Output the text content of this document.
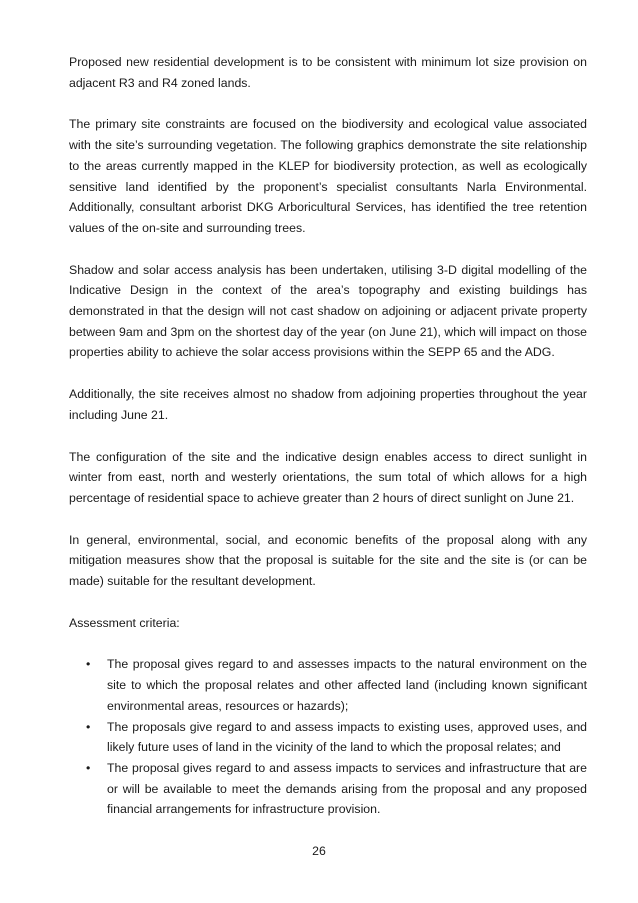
Proposed new residential development is to be consistent with minimum lot size provision on adjacent R3 and R4 zoned lands.

The primary site constraints are focused on the biodiversity and ecological value associated with the site’s surrounding vegetation. The following graphics demonstrate the site relationship to the areas currently mapped in the KLEP for biodiversity protection, as well as ecologically sensitive land identified by the proponent’s specialist consultants Narla Environmental. Additionally, consultant arborist DKG Arboricultural Services, has identified the tree retention values of the on-site and surrounding trees.

Shadow and solar access analysis has been undertaken, utilising 3-D digital modelling of the Indicative Design in the context of the area’s topography and existing buildings has demonstrated in that the design will not cast shadow on adjoining or adjacent private property between 9am and 3pm on the shortest day of the year (on June 21), which will impact on those properties ability to achieve the solar access provisions within the SEPP 65 and the ADG.

Additionally, the site receives almost no shadow from adjoining properties throughout the year including June 21.

The configuration of the site and the indicative design enables access to direct sunlight in winter from east, north and westerly orientations, the sum total of which allows for a high percentage of residential space to achieve greater than 2 hours of direct sunlight on June 21.

In general, environmental, social, and economic benefits of the proposal along with any mitigation measures show that the proposal is suitable for the site and the site is (or can be made) suitable for the resultant development.

Assessment criteria:

• The proposal gives regard to and assesses impacts to the natural environment on the site to which the proposal relates and other affected land (including known significant environmental areas, resources or hazards);
• The proposals give regard to and assess impacts to existing uses, approved uses, and likely future uses of land in the vicinity of the land to which the proposal relates; and
• The proposal gives regard to and assess impacts to services and infrastructure that are or will be available to meet the demands arising from the proposal and any proposed financial arrangements for infrastructure provision.
26
